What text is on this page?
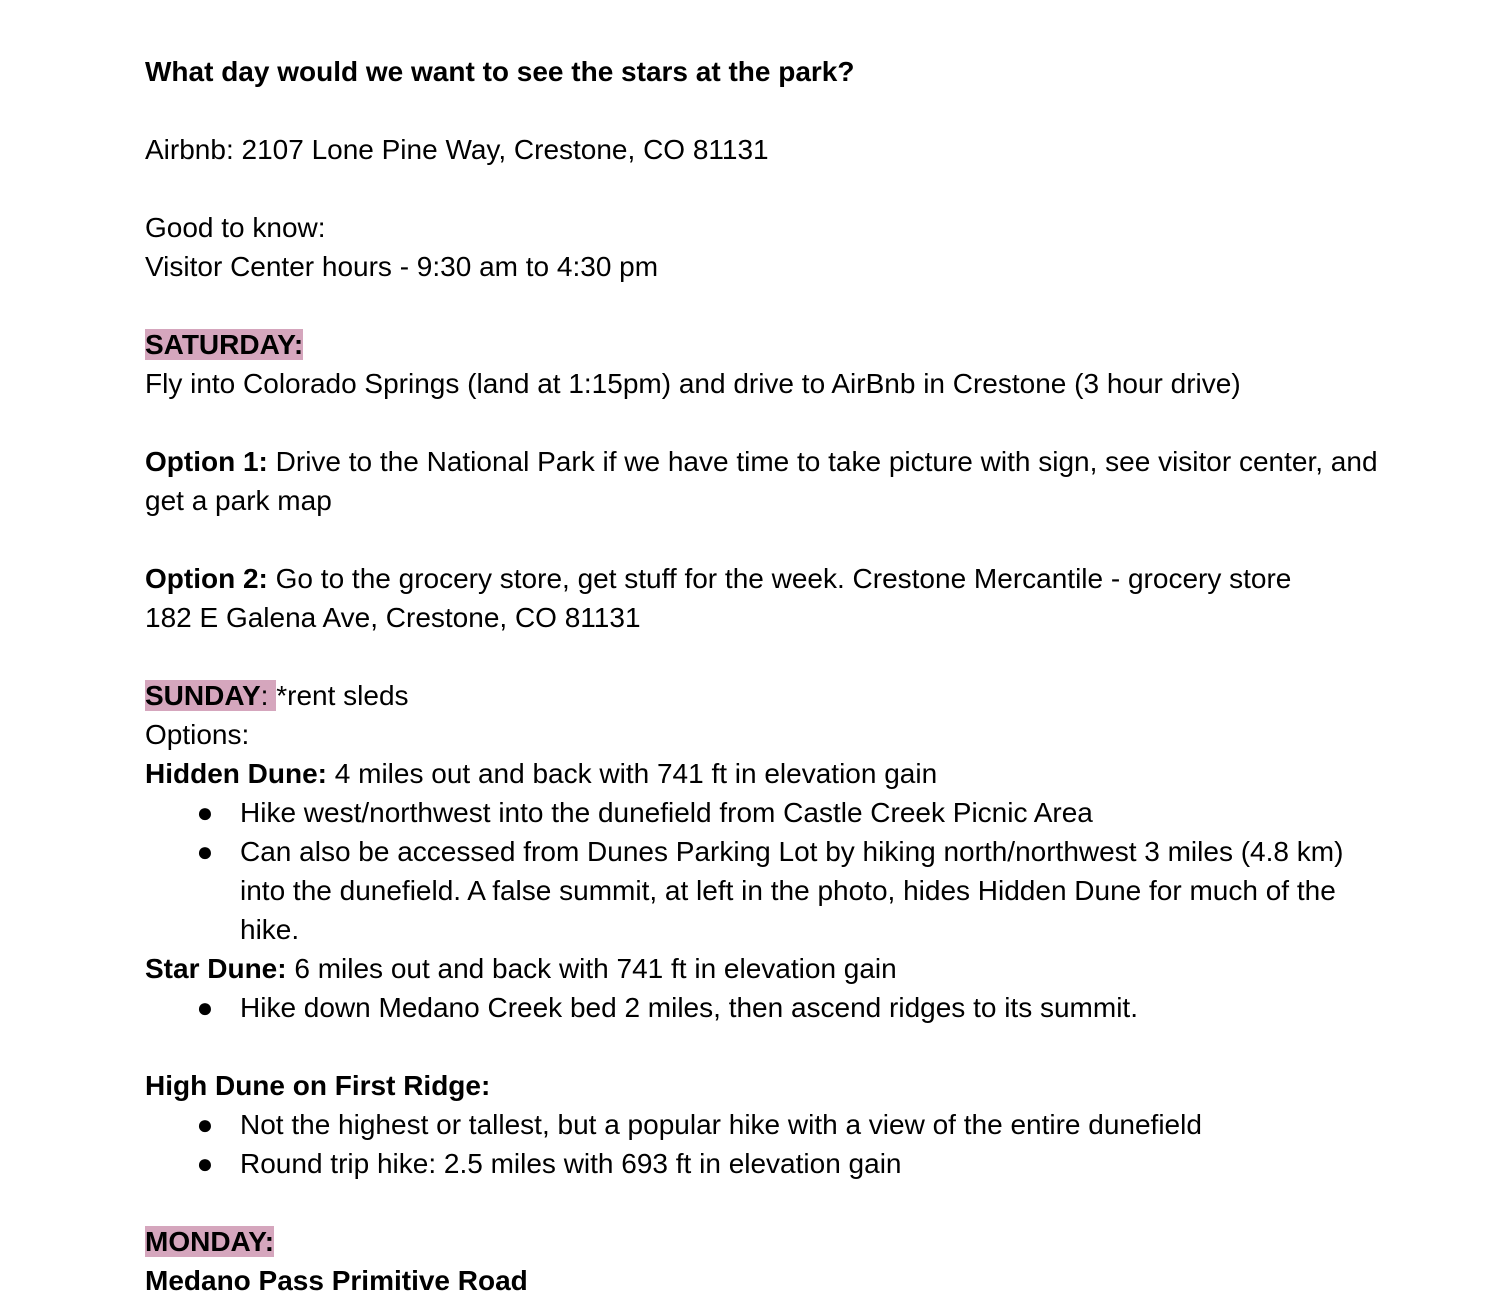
What day would we want to see the stars at the park?
Airbnb: 2107 Lone Pine Way, Crestone, CO 81131
Good to know:
Visitor Center hours - 9:30 am to 4:30 pm
SATURDAY:
Fly into Colorado Springs (land at 1:15pm) and drive to AirBnb in Crestone (3 hour drive)
Option 1: Drive to the National Park if we have time to take picture with sign, see visitor center, and get a park map
Option 2: Go to the grocery store, get stuff for the week. Crestone Mercantile - grocery store
182 E Galena Ave, Crestone, CO 81131
SUNDAY: *rent sleds
Options:
Hidden Dune: 4 miles out and back with 741 ft in elevation gain
● Hike west/northwest into the dunefield from Castle Creek Picnic Area
● Can also be accessed from Dunes Parking Lot by hiking north/northwest 3 miles (4.8 km) into the dunefield. A false summit, at left in the photo, hides Hidden Dune for much of the hike.
Star Dune: 6 miles out and back with 741 ft in elevation gain
● Hike down Medano Creek bed 2 miles, then ascend ridges to its summit.
High Dune on First Ridge:
● Not the highest or tallest, but a popular hike with a view of the entire dunefield
● Round trip hike: 2.5 miles with 693 ft in elevation gain
MONDAY:
Medano Pass Primitive Road
